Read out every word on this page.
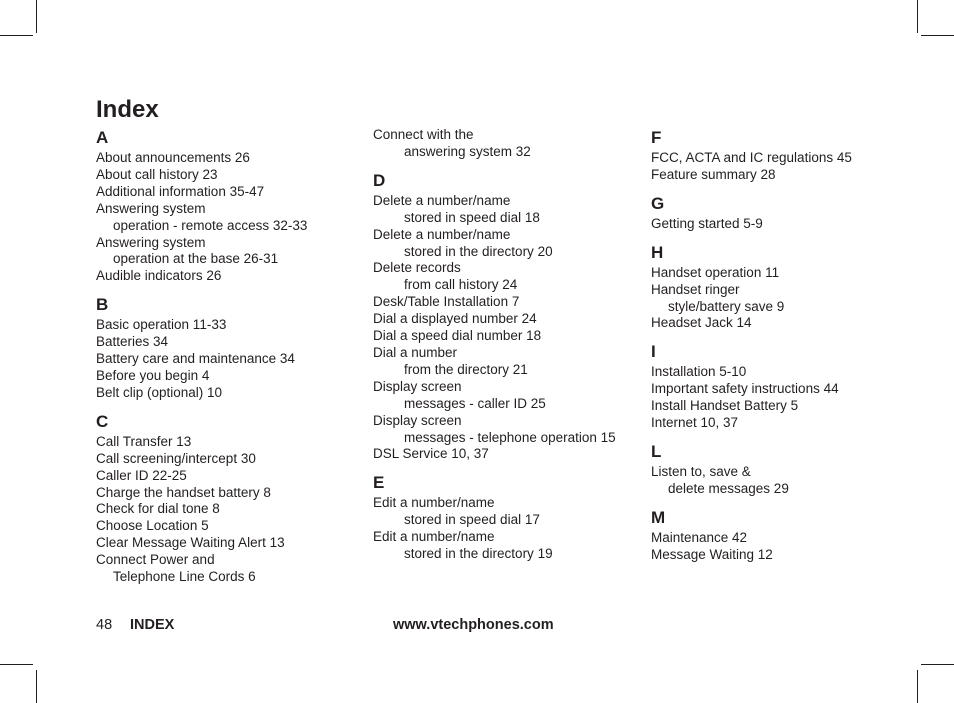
Index
A
About announcements 26
About call history 23
Additional information 35-47
Answering system
operation - remote access 32-33
Answering system
operation at the base 26-31
Audible indicators 26
B
Basic operation 11-33
Batteries 34
Battery care and maintenance 34
Before you begin 4
Belt clip (optional) 10
C
Call Transfer 13
Call screening/intercept 30
Caller ID 22-25
Charge the handset battery 8
Check for dial tone 8
Choose Location 5
Clear Message Waiting Alert 13
Connect Power and
Telephone Line Cords 6
Connect with the
answering system 32
D
Delete a number/name
stored in speed dial 18
Delete a number/name
stored in the directory 20
Delete records
from call history 24
Desk/Table Installation 7
Dial a displayed number 24
Dial a speed dial number 18
Dial a number
from the directory 21
Display screen
messages - caller ID 25
Display screen
messages - telephone operation 15
DSL Service 10, 37
E
Edit a number/name
stored in speed dial 17
Edit a number/name
stored in the directory 19
F
FCC, ACTA and IC regulations 45
Feature summary 28
G
Getting started 5-9
H
Handset operation 11
Handset ringer
style/battery save 9
Headset Jack 14
I
Installation 5-10
Important safety instructions 44
Install Handset Battery 5
Internet 10, 37
L
Listen to, save &
delete messages 29
M
Maintenance 42
Message Waiting 12
48 INDEX	www.vtechphones.com
